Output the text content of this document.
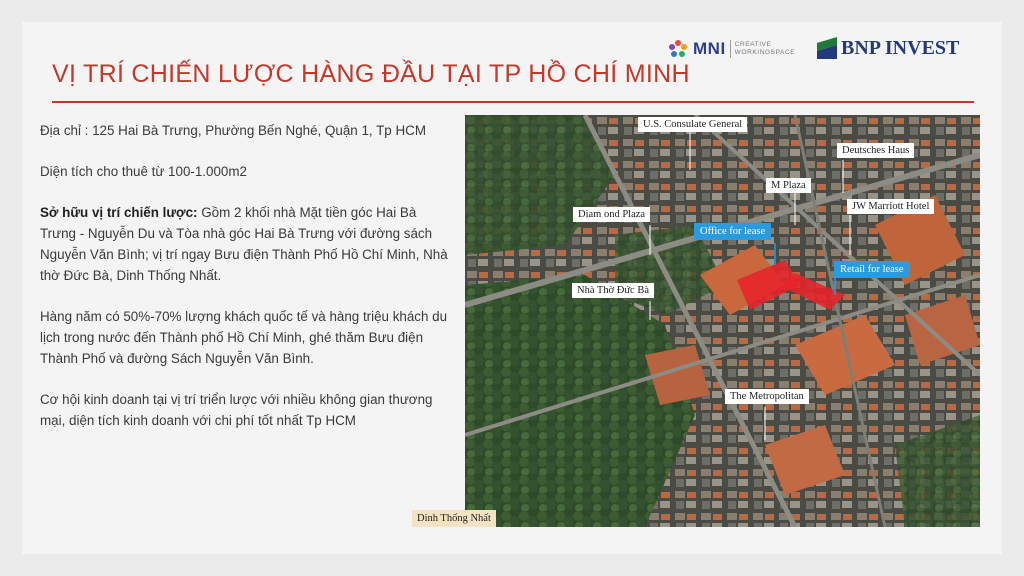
MNI CREATIVE
WORKINGSPACE BNP INVEST
VỊ TRÍ CHIẾN LƯỢC HÀNG ĐẦU TẠI TP HỒ CHÍ MINH

Địa chỉ : 125 Hai Bà Trưng, Phường Bến Nghé, Quận 1, Tp HCM

Diện tích cho thuê từ 100-1.000m2

Sở hữu vị trí chiến lược: Gồm 2 khối nhà Mặt tiền góc Hai Bà Trưng - Nguyễn Du và Tòa nhà góc Hai Bà Trưng với đường sách Nguyễn Văn Bình; vị trí ngay Bưu điện Thành Phố Hồ Chí Minh, Nhà thờ Đức Bà, Dinh Thống Nhất.

Hàng năm có 50%-70% lượng khách quốc tế và hàng triệu khách du lịch trong nước đến Thành phố Hồ Chí Minh, ghé thăm Bưu điện Thành Phố và đường Sách Nguyễn Văn Bình.

Cơ hội kinh doanh tại vị trí triển lược với nhiều không gian thương mại, diện tích kinh doanh với chi phí tốt nhất Tp HCM

U.S. Consulate General
Deutsches Haus
M Plaza
Diam ond Plaza
JW Marriott Hotel
Office for lease
Retail for lease
Nhà Thờ Đức Bà
The Metropolitan
Dinh Thống Nhất
